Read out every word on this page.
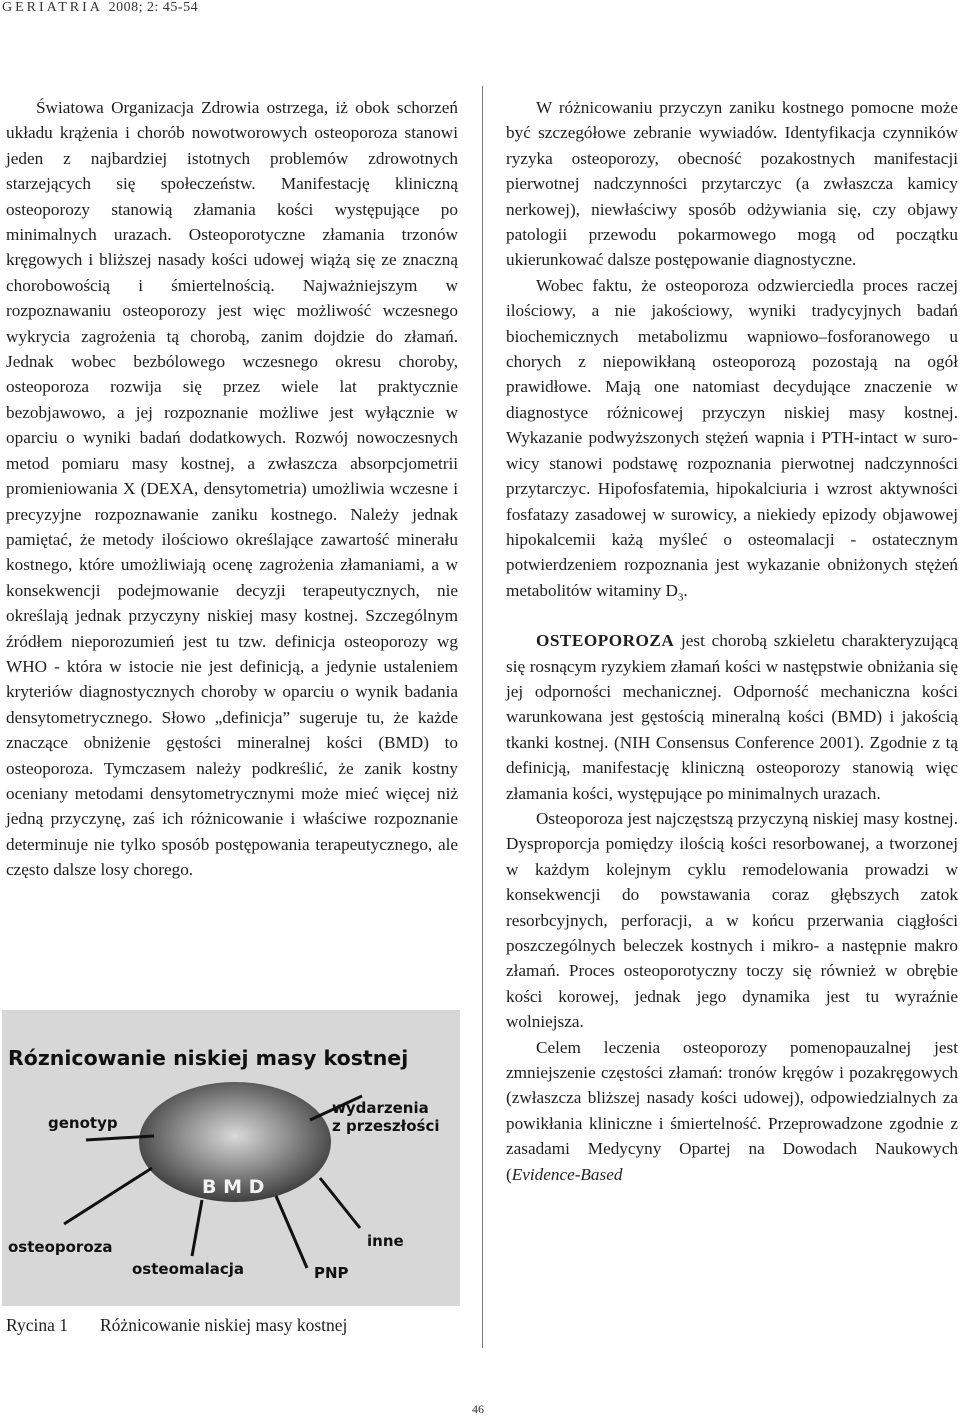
GERIATRIA 2008; 2: 45-54

Światowa Organizacja Zdrowia ostrzega, iż obok schorzeń układu krążenia i chorób nowotworowych osteoporoza stanowi jeden z najbardziej istotnych problemów zdrowotnych starzejących się społeczeństw. Manifestację kliniczną osteoporozy stanowią złamania kości występujące po minimalnych urazach. Osteoporotyczne złamania trzonów kręgowych i bliższej nasady kości udowej wiążą się ze znaczną chorobowością i śmiertelnością. Najważniejszym w rozpoznawaniu osteoporozy jest więc możliwość wczesnego wykrycia zagrożenia tą chorobą, zanim dojdzie do złamań. Jednak wobec bezbólowego wczesnego okresu choroby, osteoporoza rozwija się przez wiele lat praktycznie bezobjawowo, a jej rozpoznanie możliwe jest wyłącznie w oparciu o wyniki badań dodatkowych. Rozwój nowoczesnych metod pomiaru masy kostnej, a zwłaszcza absorpcjometrii promieniowania X (DEXA, densytometria) umożliwia wczesne i precyzyjne rozpoznawanie zaniku kostnego. Należy jednak pamiętać, że metody ilościowo określające zawartość minerału kostnego, które umożliwiają ocenę zagrożenia złamaniami, a w konsekwencji podejmowanie decyzji terapeutycznych, nie określają jednak przyczyny niskiej masy kostnej. Szczególnym źródłem nieporozumień jest tu tzw. definicja osteoporozy wg WHO - która w istocie nie jest definicją, a jedynie ustaleniem kryteriów diagnostycznych choroby w oparciu o wynik badania densytometrycznego. Słowo „definicja” sugeruje tu, że każde znaczące obniżenie gęstości mineralnej kości (BMD) to osteoporoza. Tymczasem należy podkreślić, że zanik kostny oceniany metodami densytometrycznymi może mieć więcej niż jedną przyczynę, zaś ich różnicowanie i właściwe rozpoznanie determinuje nie tylko sposób postępowania terapeutycznego, ale często dalsze losy chorego.

Róznicowanie niskiej masy kostnej
genotyp
wydarzenia
z przeszłości
B M D
osteoporoza	inne
osteomalacja	PNP
Rycina 1 Różnicowanie niskiej masy kostnej

W różnicowaniu przyczyn zaniku kostnego pomocne może być szczegółowe zebranie wywiadów. Identyfikacja czynników ryzyka osteoporozy, obecność pozakostnych manifestacji pierwotnej nadczynności przytarczyc (a zwłaszcza kamicy nerkowej), niewłaściwy sposób odżywiania się, czy objawy patologii przewodu pokarmowego mogą od początku ukierunkować dalsze postępowanie diagnostyczne.

Wobec faktu, że osteoporoza odzwierciedla proces raczej ilościowy, a nie jakościowy, wyniki tradycyjnych badań biochemicznych metabolizmu wapniowo–fosforanowego u chorych z niepowikłaną osteoporozą pozostają na ogół prawidłowe. Mają one natomiast decydujące znaczenie w diagnostyce różnicowej przyczyn niskiej masy kostnej. Wykazanie podwyższonych stężeń wapnia i PTH-intact w surowicy stanowi podstawę rozpoznania pierwotnej nadczynności przytarczyc. Hipofosfatemia, hipokalciuria i wzrost aktywności fosfatazy zasadowej w surowicy, a niekiedy epizody objawowej hipokalcemii każą myśleć o osteomalacji - ostatecznym potwierdzeniem rozpoznania jest wykazanie obniżonych stężeń metabolitów witaminy $D_3$.

OSTEOPOROZA jest chorobą szkieletu charakteryzującą się rosnącym ryzykiem złamań kości w następstwie obniżania się jej odporności mechanicznej. Odporność mechaniczna kości warunkowana jest gęstością mineralną kości (BMD) i jakością tkanki kostnej. (NIH Consensus Conference 2001). Zgodnie z tą definicją, manifestację kliniczną osteoporozy stanowią więc złamania kości, występujące po minimalnych urazach.

Osteoporoza jest najczęstszą przyczyną niskiej masy kostnej. Dysproporcja pomiędzy ilością kości resorbowanej, a tworzonej w każdym kolejnym cyklu remodelowania prowadzi w konsekwencji do powstawania coraz głębszych zatok resorbcyjnych, perforacji, a w końcu przerwania ciągłości poszczególnych beleczek kostnych i mikro- a następnie makro złamań. Proces osteoporotyczny toczy się również w obrębie kości korowej, jednak jego dynamika jest tu wyraźnie wolniejsza.

Celem leczenia osteoporozy pomenopauzalnej jest zmniejszenie częstości złamań: tronów kręgów i pozakręgowych (zwłaszcza bliższej nasady kości udowej), odpowiedzialnych za powikłania kliniczne i śmiertelność. Przeprowadzone zgodnie z zasadami Medycyny Opartej na Dowodach Naukowych (Evidence-Based

46
